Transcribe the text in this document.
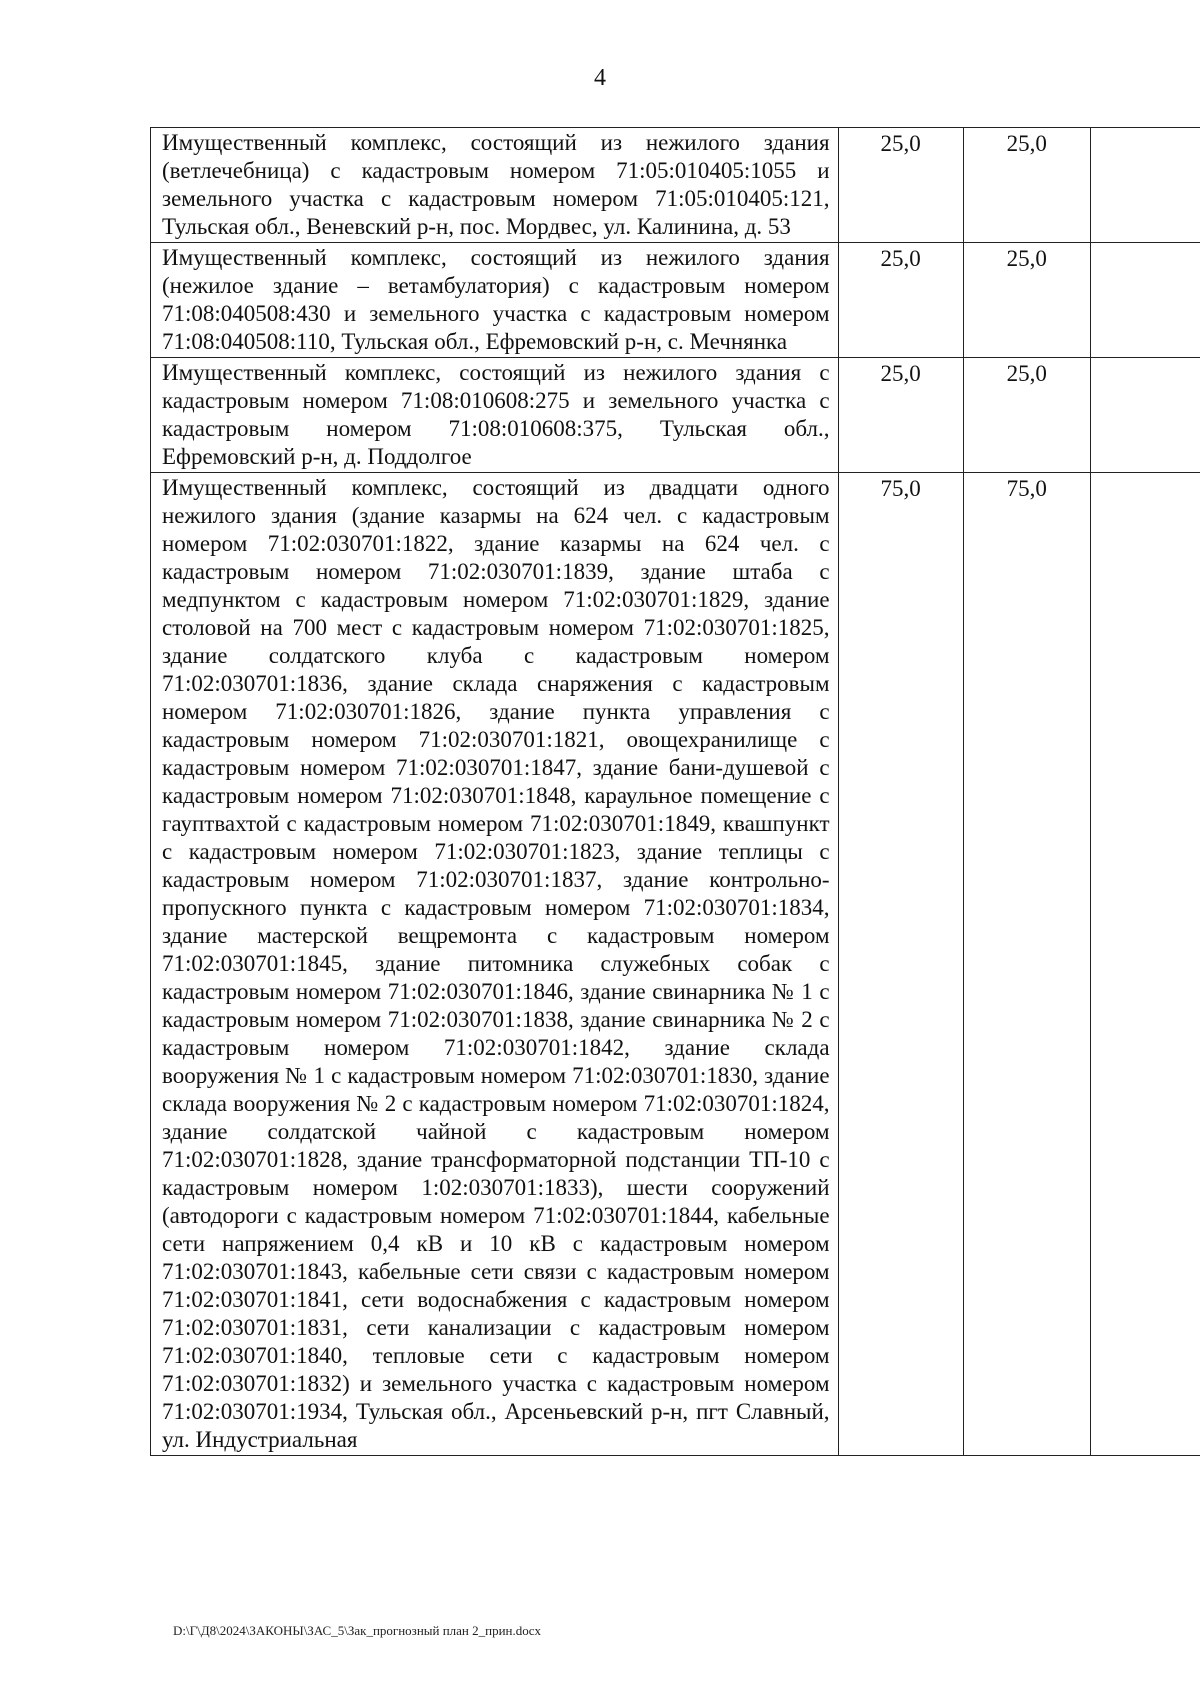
4
Имущественный комплекс, состоящий из нежилого здания (ветлечебница) с кадастровым номером 71:05:010405:1055 и земельного участка с кадастровым номером 71:05:010405:121, Тульская обл., Веневский р-н, пос. Мордвес, ул. Калинина, д. 53	25,0	25,0	

Имущественный комплекс, состоящий из нежилого здания (нежилое здание – ветамбулатория) с кадастровым номером 71:08:040508:430 и земельного участка с кадастровым номером 71:08:040508:110, Тульская обл., Ефремовский р-н, с. Мечнянка	25,0	25,0	

Имущественный комплекс, состоящий из нежилого здания с кадастровым номером 71:08:010608:275 и земельного участка с кадастровым номером 71:08:010608:375, Тульская обл., Ефремовский р-н, д. Поддолгое	25,0	25,0	

Имущественный комплекс, состоящий из двадцати одного нежилого здания (здание казармы на 624 чел. с кадастровым номером 71:02:030701:1822, здание казармы на 624 чел. с кадастровым номером 71:02:030701:1839, здание штаба с медпунктом с кадастровым номером 71:02:030701:1829, здание столовой на 700 мест с кадастровым номером 71:02:030701:1825, здание солдатского клуба с кадастровым номером 71:02:030701:1836, здание склада снаряжения с кадастровым номером 71:02:030701:1826, здание пункта управления с кадастровым номером 71:02:030701:1821, овощехранилище с кадастровым номером 71:02:030701:1847, здание бани-душевой с кадастровым номером 71:02:030701:1848, караульное помещение с гауптвахтой с кадастровым номером 71:02:030701:1849, квашпункт с кадастровым номером 71:02:030701:1823, здание теплицы с кадастровым номером 71:02:030701:1837, здание контрольно-пропускного пункта с кадастровым номером 71:02:030701:1834, здание мастерской вещремонта с кадастровым номером 71:02:030701:1845, здание питомника служебных собак с кадастровым номером 71:02:030701:1846, здание свинарника № 1 с кадастровым номером 71:02:030701:1838, здание свинарника № 2 с кадастровым номером 71:02:030701:1842, здание склада вооружения № 1 с кадастровым номером 71:02:030701:1830, здание склада вооружения № 2 с кадастровым номером 71:02:030701:1824, здание солдатской чайной с кадастровым номером 71:02:030701:1828, здание трансформаторной подстанции ТП-10 с кадастровым номером 1:02:030701:1833), шести сооружений (автодороги с кадастровым номером 71:02:030701:1844, кабельные сети напряжением 0,4 кВ и 10 кВ с кадастровым номером 71:02:030701:1843, кабельные сети связи с кадастровым номером 71:02:030701:1841, сети водоснабжения с кадастровым номером 71:02:030701:1831, сети канализации с кадастровым номером 71:02:030701:1840, тепловые сети с кадастровым номером 71:02:030701:1832) и земельного участка с кадастровым номером 71:02:030701:1934, Тульская обл., Арсеньевский р-н, пгт Славный, ул. Индустриальная	75,0	75,0	

D:\Г\Д8\2024\ЗАКОНЫ\ЗАС_5\Зак_прогнозный план 2_прин.docx
